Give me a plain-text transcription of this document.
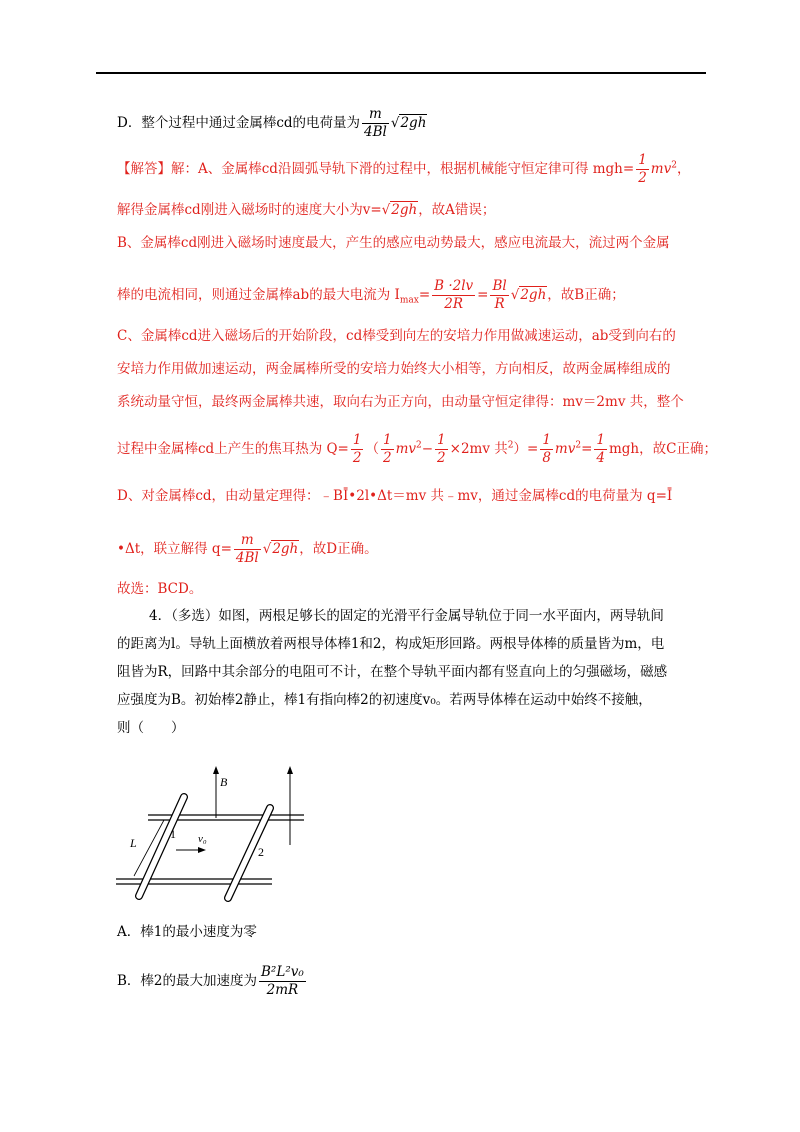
D．整个过程中通过金属棒cd的电荷量为 $\frac{m}{4Bl} √2gh$
【解答】解：A、金属棒cd沿圆弧导轨下滑的过程中，根据机械能守恒定律可得 $mgh= \frac{1}{2} mv^2$，
解得金属棒cd刚进入磁场时的速度大小为v=√2gh，故A错误；
B、金属棒cd刚进入磁场时速度最大，产生的感应电动势最大，感应电流最大，流过两个金属
棒的电流相同，则通过金属棒ab的最大电流为 $I_{max}= \frac{B \cdot 2lv}{2R} = \frac{Bl}{R} √2gh$，故B正确；
C、金属棒cd进入磁场后的开始阶段，cd棒受到向左的安培力作用做减速运动，ab受到向右的
安培力作用做加速运动，两金属棒所受的安培力始终大小相等，方向相反，故两金属棒组成的
系统动量守恒，最终两金属棒共速，取向右为正方向，由动量守恒定律得：mv＝2mv 共，整个
过程中金属棒cd上产生的焦耳热为 $Q= \frac{1}{2}$ （ $\frac{1}{2} mv^2- \frac{1}{2} \times 2mv$ 共$^2)= \frac{1}{8} mv^2= \frac{1}{4}$ mgh，故C正确；
D、对金属棒cd，由动量定理得：﹣BĪ•2l•Δt＝mv 共﹣mv，通过金属棒cd的电荷量为 q=Ī
•Δt，联立解得 $q= \frac{m}{4Bl} √2gh$，故D正确。
故选：BCD。
4．（多选）如图，两根足够长的固定的光滑平行金属导轨位于同一水平面内，两导轨间
的距离为l。导轨上面横放着两根导体棒1和2，构成矩形回路。两根导体棒的质量皆为m，电
阻皆为R，回路中其余部分的电阻可不计，在整个导轨平面内都有竖直向上的匀强磁场，磁感
应强度为B。初始棒2静止，棒1有指向棒2的初速度v₀。若两导体棒在运动中始终不接触，
则（　　）
B
L
1
2
v₀
A．棒1的最小速度为零
B．棒2的最大加速度为 $\frac{\text{B²L²v₀}}{2mR}$
